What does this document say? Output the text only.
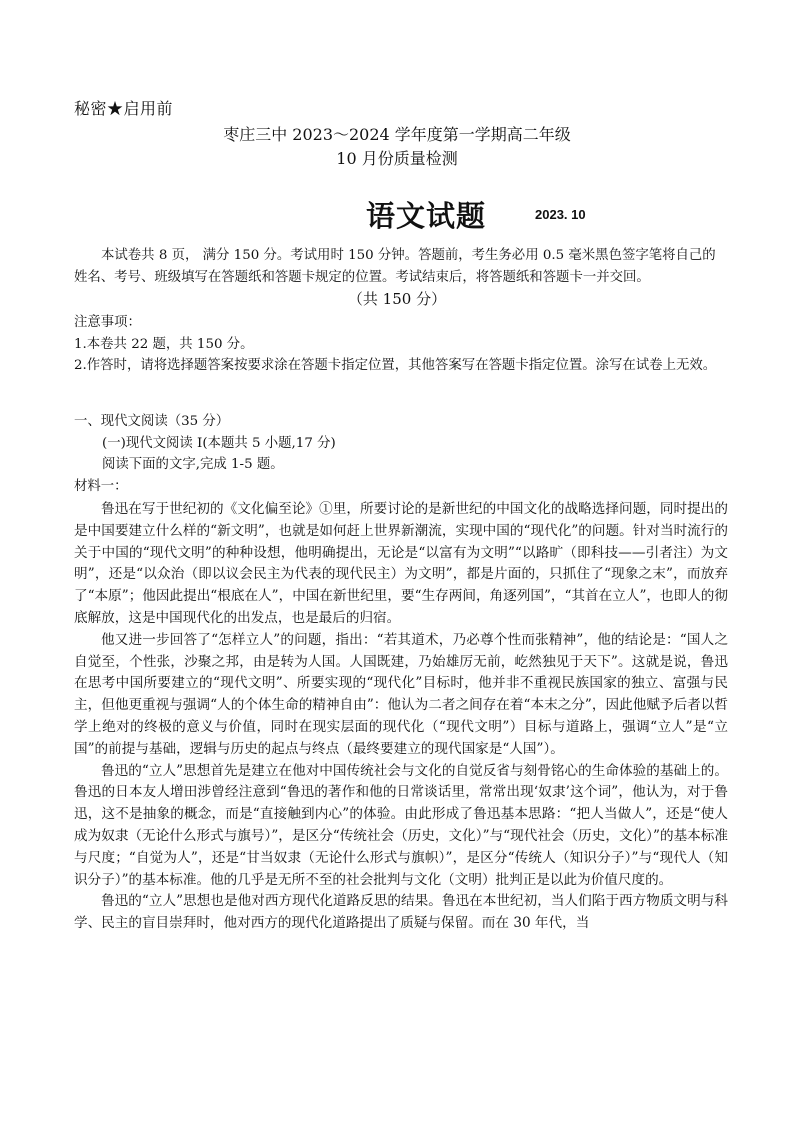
秘密★启用前
枣庄三中 2023～2024 学年度第一学期高二年级
10 月份质量检测
语文试题	2023. 10
本试卷共 8 页， 满分 150 分。考试用时 150 分钟。答题前，考生务必用 0.5 毫米黑色签字笔将自己的姓名、考号、班级填写在答题纸和答题卡规定的位置。考试结束后，将答题纸和答题卡一并交回。
（共 150 分）

注意事项：

1.本卷共 22 题，共 150 分。

2.作答时，请将选择题答案按要求涂在答题卡指定位置，其他答案写在答题卡指定位置。涂写在试卷上无效。

一、现代文阅读（35 分）
(一)现代文阅读 I(本题共 5 小题,17 分)
阅读下面的文字,完成 1-5 题。
材料一：

鲁迅在写于世纪初的《文化偏至论》①里，所要讨论的是新世纪的中国文化的战略选择问题，同时提出的是中国要建立什么样的“新文明”，也就是如何赶上世界新潮流，实现中国的“现代化”的问题。针对当时流行的关于中国的“现代文明”的种种设想，他明确提出，无论是“以富有为文明”“以路旷（即科技——引者注）为文明”，还是“以众治（即以议会民主为代表的现代民主）为文明”，都是片面的，只抓住了“现象之末”，而放弃了“本原”；他因此提出“根底在人”，中国在新世纪里，要“生存两间，角逐列国”，“其首在立人”，也即人的彻底解放，这是中国现代化的出发点，也是最后的归宿。

他又进一步回答了“怎样立人”的问题，指出：“若其道术，乃必尊个性而张精神”，他的结论是：“国人之自觉至，个性张，沙聚之邦，由是转为人国。人国既建，乃始雄厉无前，屹然独见于天下”。这就是说，鲁迅在思考中国所要建立的“现代文明”、所要实现的“现代化”目标时，他并非不重视民族国家的独立、富强与民主，但他更重视与强调“人的个体生命的精神自由”：他认为二者之间存在着“本末之分”，因此他赋予后者以哲学上绝对的终极的意义与价值，同时在现实层面的现代化（“现代文明”）目标与道路上，强调“立人”是“立国”的前提与基础，逻辑与历史的起点与终点（最终要建立的现代国家是“人国”）。

鲁迅的“立人”思想首先是建立在他对中国传统社会与文化的自觉反省与刻骨铭心的生命体验的基础上的。鲁迅的日本友人增田涉曾经注意到“鲁迅的著作和他的日常谈话里，常常出现‘奴隶’这个词”，他认为，对于鲁迅，这不是抽象的概念，而是“直接触到内心”的体验。由此形成了鲁迅基本思路：“把人当做人”，还是“使人成为奴隶（无论什么形式与旗号）”，是区分“传统社会（历史，文化）”与“现代社会（历史，文化）”的基本标准与尺度；“自觉为人”，还是“甘当奴隶（无论什么形式与旗帜）”，是区分“传统人（知识分子）”与“现代人（知识分子）”的基本标准。他的几乎是无所不至的社会批判与文化（文明）批判正是以此为价值尺度的。

鲁迅的“立人”思想也是他对西方现代化道路反思的结果。鲁迅在本世纪初，当人们陷于西方物质文明与科学、民主的盲目崇拜时，他对西方的现代化道路提出了质疑与保留。而在 30 年代，当
